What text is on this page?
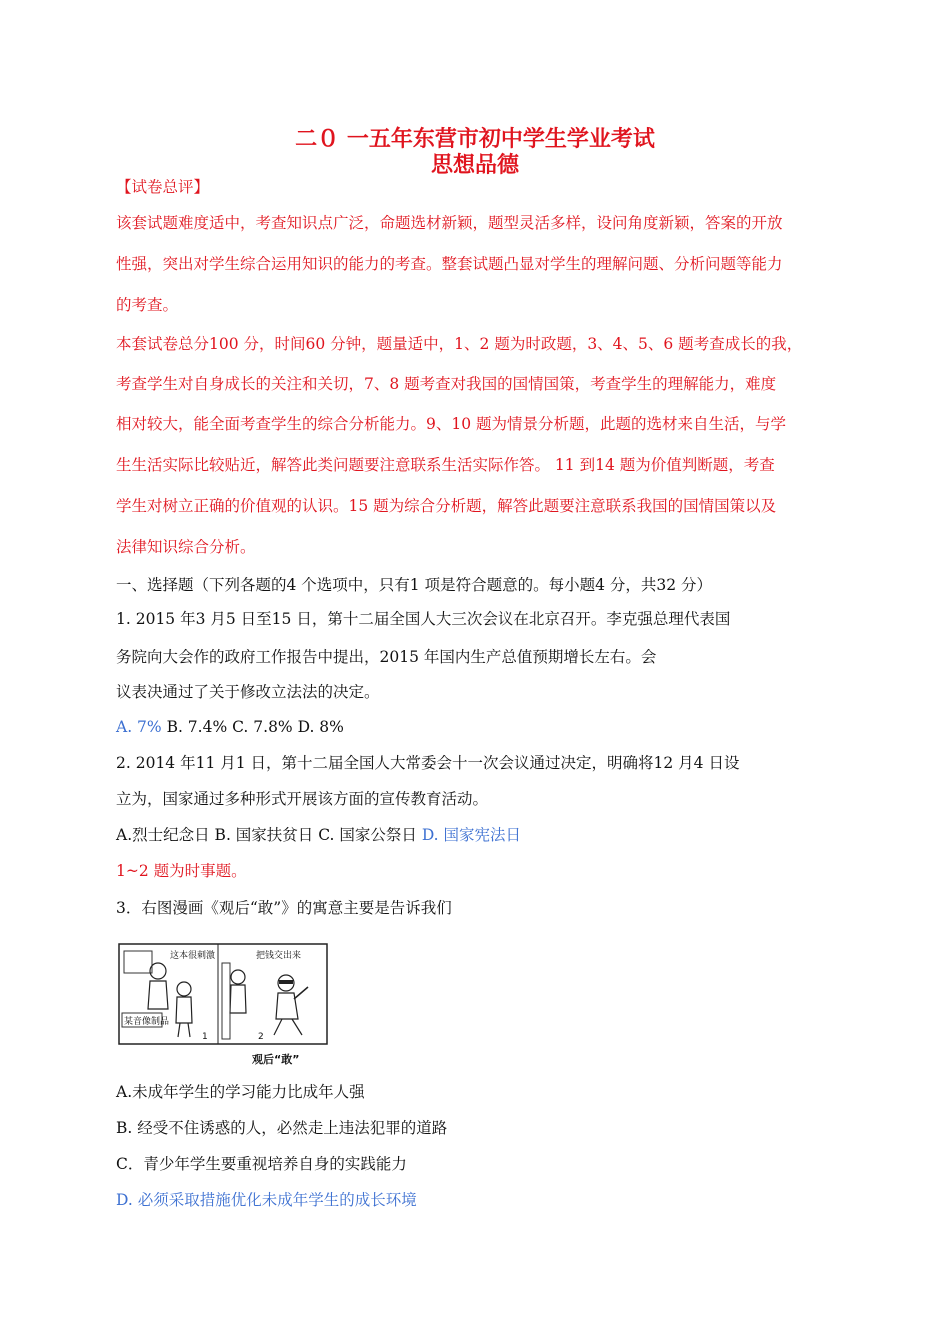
二０ 一五年东营市初中学生学业考试
思想品德
【试卷总评】
该套试题难度适中，考查知识点广泛，命题选材新颖，题型灵活多样，设问角度新颖，答案的开放
性强，突出对学生综合运用知识的能力的考查。整套试题凸显对学生的理解问题、分析问题等能力
的考查。
本套试卷总分100 分，时间60 分钟，题量适中，1、2 题为时政题，3、4、5、6 题考查成长的我，
考查学生对自身成长的关注和关切，7、8 题考查对我国的国情国策，考查学生的理解能力，难度
相对较大，能全面考查学生的综合分析能力。9、10 题为情景分析题，此题的选材来自生活，与学
生生活实际比较贴近，解答此类问题要注意联系生活实际作答。 11 到14 题为价值判断题，考查
学生对树立正确的价值观的认识。15 题为综合分析题，解答此题要注意联系我国的国情国策以及
法律知识综合分析。
一、选择题（下列各题的4 个选项中，只有1 项是符合题意的。每小题4 分，共32 分）
1. 2015 年3 月5 日至15 日，第十二届全国人大三次会议在北京召开。李克强总理代表国
务院向大会作的政府工作报告中提出，2015 年国内生产总值预期增长左右。会
议表决通过了关于修改立法法的决定。
A. 7% B. 7.4% C. 7.8% D. 8%
2. 2014 年11 月1 日，第十二届全国人大常委会十一次会议通过决定，明确将12 月4 日设
立为，国家通过多种形式开展该方面的宣传教育活动。
A.烈士纪念日 B. 国家扶贫日 C. 国家公祭日 D. 国家宪法日
1~2 题为时事题。
3．右图漫画《观后“敢”》的寓意主要是告诉我们
某音像制品
这本很刺激
1
把钱交出来
2
观后“敢”
A.未成年学生的学习能力比成年人强
B. 经受不住诱惑的人，必然走上违法犯罪的道路
C．青少年学生要重视培养自身的实践能力
D. 必须采取措施优化未成年学生的成长环境
